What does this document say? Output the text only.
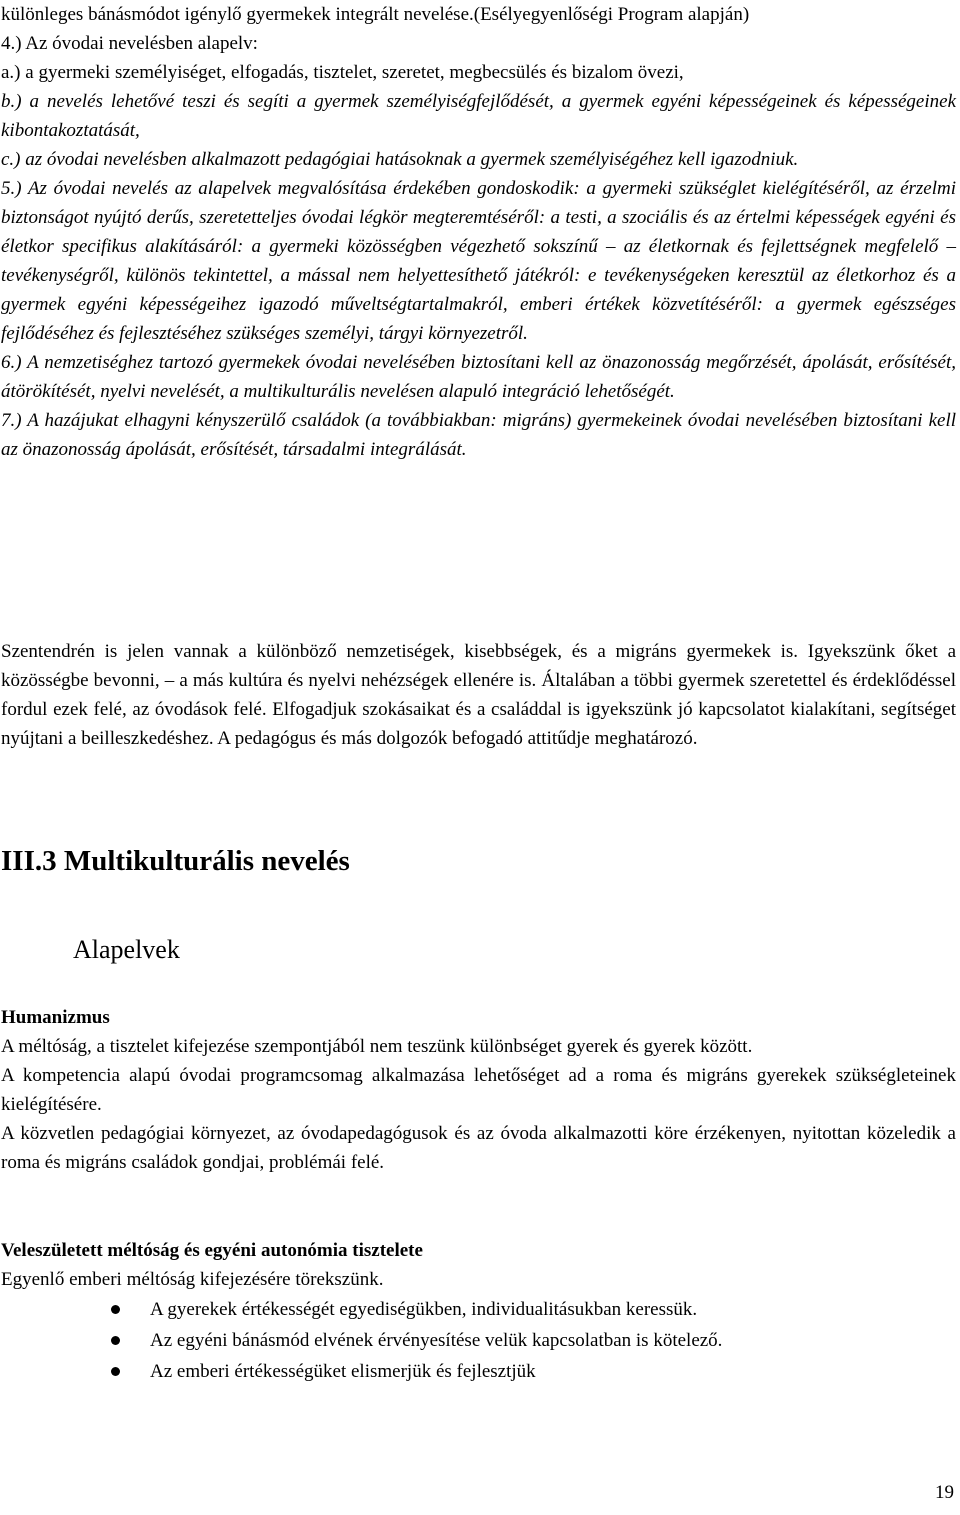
különleges bánásmódot igénylő gyermekek integrált nevelése.(Esélyegyenlőségi Program alapján)

4.) Az óvodai nevelésben alapelv:

a.) a gyermeki személyiséget, elfogadás, tisztelet, szeretet, megbecsülés és bizalom övezi,

b.) a nevelés lehetővé teszi és segíti a gyermek személyiségfejlődését, a gyermek egyéni képességeinek és képességeinek kibontakoztatását,

c.) az óvodai nevelésben alkalmazott pedagógiai hatásoknak a gyermek személyiségéhez kell igazodniuk.

5.) Az óvodai nevelés az alapelvek megvalósítása érdekében gondoskodik: a gyermeki szükséglet kielégítéséről, az érzelmi biztonságot nyújtó derűs, szeretetteljes óvodai légkör megteremtéséről: a testi, a szociális és az értelmi képességek egyéni és életkor specifikus alakításáról: a gyermeki közösségben végezhető sokszínű – az életkornak és fejlettségnek megfelelő – tevékenységről, különös tekintettel, a mással nem helyettesíthető játékról: e tevékenységeken keresztül az életkorhoz és a gyermek egyéni képességeihez igazodó műveltségtartalmakról, emberi értékek közvetítéséről: a gyermek egészséges fejlődéséhez és fejlesztéséhez szükséges személyi, tárgyi környezetről.

6.) A nemzetiséghez tartozó gyermekek óvodai nevelésében biztosítani kell az önazonosság megőrzését, ápolását, erősítését, átörökítését, nyelvi nevelését, a multikulturális nevelésen alapuló integráció lehetőségét.

7.) A hazájukat elhagyni kényszerülő családok (a továbbiakban: migráns) gyermekeinek óvodai nevelésében biztosítani kell az önazonosság ápolását, erősítését, társadalmi integrálását.

Szentendrén is jelen vannak a különböző nemzetiségek, kisebbségek, és a migráns gyermekek is. Igyekszünk őket a közösségbe bevonni, – a más kultúra és nyelvi nehézségek ellenére is. Általában a többi gyermek szeretettel és érdeklődéssel fordul ezek felé, az óvodások felé. Elfogadjuk szokásaikat és a családdal is igyekszünk jó kapcsolatot kialakítani, segítséget nyújtani a beilleszkedéshez. A pedagógus és más dolgozók befogadó attitűdje meghatározó.

III.3 Multikulturális nevelés
Alapelvek

Humanizmus

A méltóság, a tisztelet kifejezése szempontjából nem teszünk különbséget gyerek és gyerek között.

A kompetencia alapú óvodai programcsomag alkalmazása lehetőséget ad a roma és migráns gyerekek szükségleteinek kielégítésére.

A közvetlen pedagógiai környezet, az óvodapedagógusok és az óvoda alkalmazotti köre érzékenyen, nyitottan közeledik a roma és migráns családok gondjai, problémái felé.

Veleszületett méltóság és egyéni autonómia tisztelete

Egyenlő emberi méltóság kifejezésére törekszünk.

A gyerekek értékességét egyediségükben, individualitásukban keressük.
Az egyéni bánásmód elvének érvényesítése velük kapcsolatban is kötelező.
Az emberi értékességüket elismerjük és fejlesztjük
19
